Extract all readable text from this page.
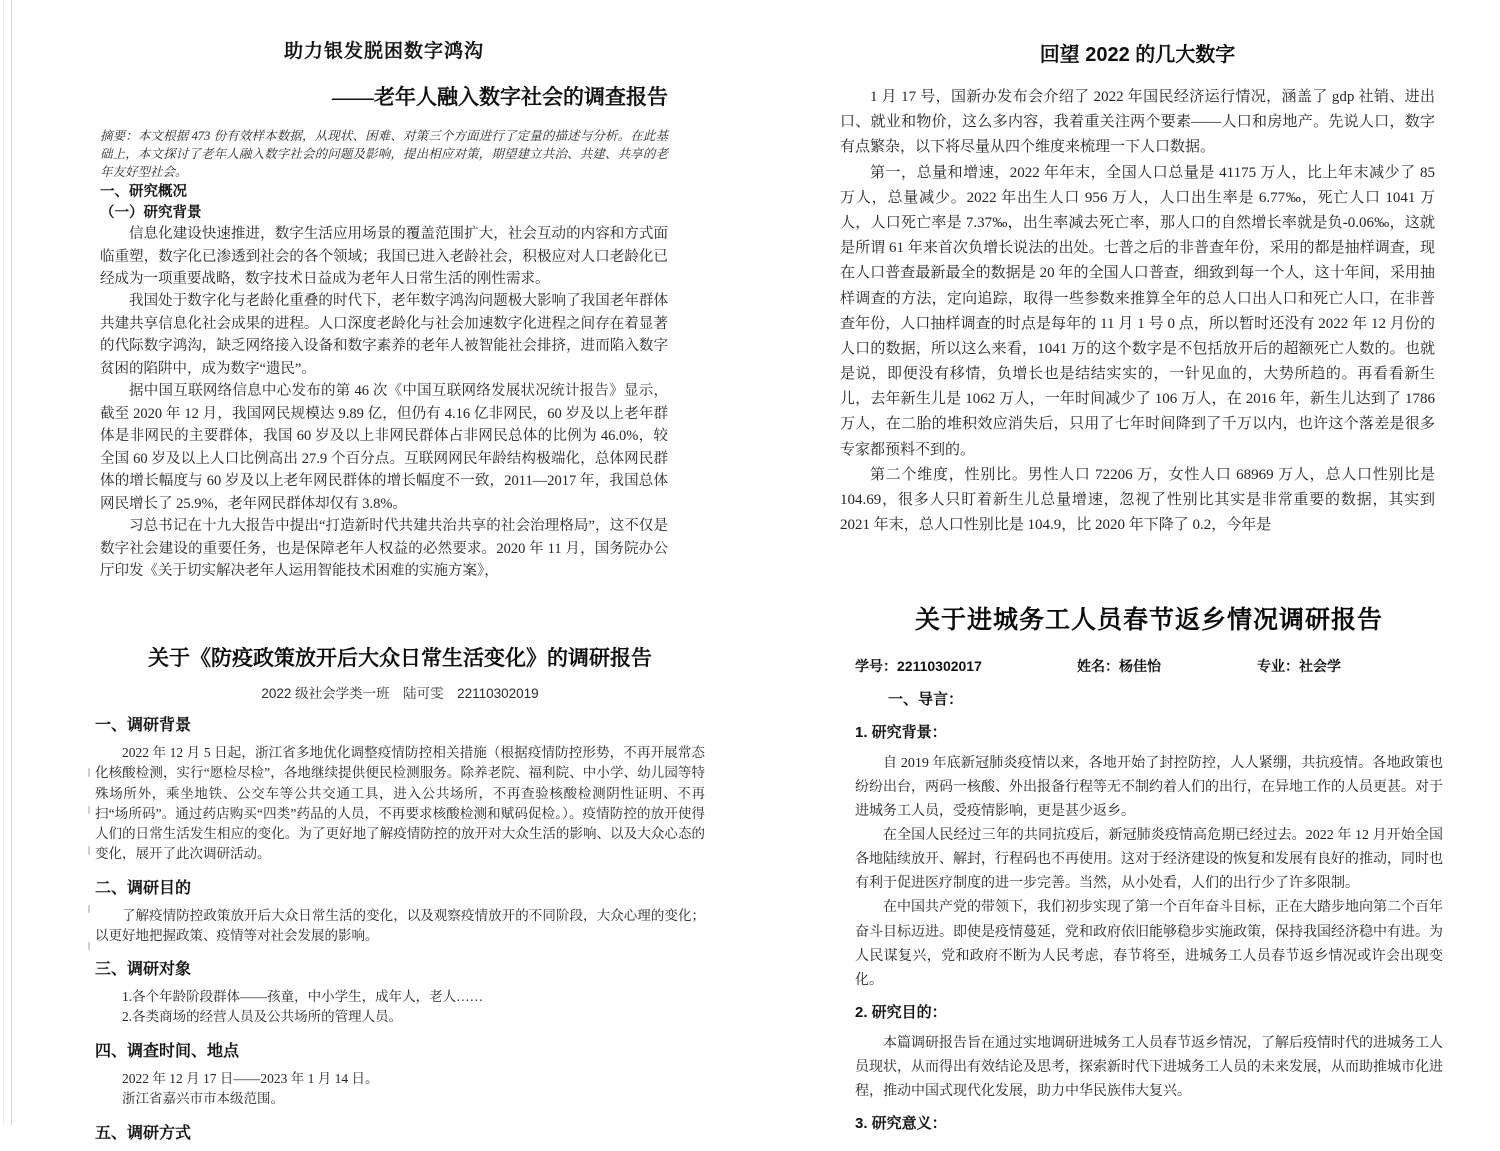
助力银发脱困数字鸿沟
——老年人融入数字社会的调查报告

摘要：本文根据 473 份有效样本数据，从现状、困难、对策三个方面进行了定量的描述与分析。在此基础上，本文探讨了老年人融入数字社会的问题及影响，提出相应对策，期望建立共治、共建、共享的老年友好型社会。

一、研究概况
（一）研究背景

信息化建设快速推进，数字生活应用场景的覆盖范围扩大，社会互动的内容和方式面临重塑，数字化已渗透到社会的各个领域；我国已进入老龄社会，积极应对人口老龄化已经成为一项重要战略，数字技术日益成为老年人日常生活的刚性需求。

我国处于数字化与老龄化重叠的时代下，老年数字鸿沟问题极大影响了我国老年群体共建共享信息化社会成果的进程。人口深度老龄化与社会加速数字化进程之间存在着显著的代际数字鸿沟，缺乏网络接入设备和数字素养的老年人被智能社会排挤，进而陷入数字贫困的陷阱中，成为数字“遗民”。

据中国互联网络信息中心发布的第 46 次《中国互联网络发展状况统计报告》显示，截至 2020 年 12 月，我国网民规模达 9.89 亿，但仍有 4.16 亿非网民，60 岁及以上老年群体是非网民的主要群体，我国 60 岁及以上非网民群体占非网民总体的比例为 46.0%，较全国 60 岁及以上人口比例高出 27.9 个百分点。互联网网民年龄结构极端化，总体网民群体的增长幅度与 60 岁及以上老年网民群体的增长幅度不一致，2011—2017 年，我国总体网民增长了 25.9%，老年网民群体却仅有 3.8%。

习总书记在十九大报告中提出“打造新时代共建共治共享的社会治理格局”，这不仅是数字社会建设的重要任务，也是保障老年人权益的必然要求。2020 年 11 月，国务院办公厅印发《关于切实解决老年人运用智能技术困难的实施方案》，

回望 2022 的几大数字

1 月 17 号，国新办发布会介绍了 2022 年国民经济运行情况，涵盖了 gdp 社销、进出口、就业和物价，这么多内容，我着重关注两个要素——人口和房地产。先说人口，数字有点繁杂，以下将尽量从四个维度来梳理一下人口数据。

第一，总量和增速，2022 年年末，全国人口总量是 41175 万人，比上年末减少了 85 万人，总量减少。2022 年出生人口 956 万人，人口出生率是 6.77‰，死亡人口 1041 万人，人口死亡率是 7.37‰，出生率减去死亡率，那人口的自然增长率就是负-0.06‰，这就是所谓 61 年来首次负增长说法的出处。七普之后的非普查年份，采用的都是抽样调查，现在人口普查最新最全的数据是 20 年的全国人口普查，细致到每一个人，这十年间，采用抽样调查的方法，定向追踪，取得一些参数来推算全年的总人口出人口和死亡人口，在非普查年份，人口抽样调查的时点是每年的 11 月 1 号 0 点，所以暂时还没有 2022 年 12 月份的人口的数据，所以这么来看，1041 万的这个数字是不包括放开后的超额死亡人数的。也就是说，即便没有移情，负增长也是结结实实的，一针见血的，大势所趋的。再看看新生儿，去年新生儿是 1062 万人，一年时间减少了 106 万人，在 2016 年，新生儿达到了 1786 万人，在二胎的堆积效应消失后，只用了七年时间降到了千万以内，也许这个落差是很多专家都预料不到的。

第二个维度，性别比。男性人口 72206 万，女性人口 68969 万人，总人口性别比是 104.69，很多人只盯着新生儿总量增速，忽视了性别比其实是非常重要的数据，其实到 2021 年末，总人口性别比是 104.9，比 2020 年下降了 0.2，今年是

关于《防疫政策放开后大众日常生活变化》的调研报告
2022 级社会学类一班　陆可雯　22110302019
一、调研背景

2022 年 12 月 5 日起，浙江省多地优化调整疫情防控相关措施（根据疫情防控形势，不再开展常态化核酸检测，实行“愿检尽检”，各地继续提供便民检测服务。除养老院、福利院、中小学、幼儿园等特殊场所外，乘坐地铁、公交车等公共交通工具，进入公共场所，不再查验核酸检测阴性证明、不再扫“场所码”。通过药店购买“四类”药品的人员，不再要求核酸检测和赋码促检。）。疫情防控的放开使得人们的日常生活发生相应的变化。为了更好地了解疫情防控的放开对大众生活的影响、以及大众心态的变化，展开了此次调研活动。

二、调研目的

了解疫情防控政策放开后大众日常生活的变化，以及观察疫情放开的不同阶段，大众心理的变化；以更好地把握政策、疫情等对社会发展的影响。

三、调研对象
1.各个年龄阶段群体——孩童，中小学生，成年人，老人……
2.各类商场的经营人员及公共场所的管理人员。
四、调查时间、地点
2022 年 12 月 17 日——2023 年 1 月 14 日。
浙江省嘉兴市市本级范围。
五、调研方式
关于进城务工人员春节返乡情况调研报告
学号：22110302017	姓名：杨佳怡	专业：社会学
一、导言：
1. 研究背景：

自 2019 年底新冠肺炎疫情以来，各地开始了封控防控，人人紧绷，共抗疫情。各地政策也纷纷出台，两码一核酸、外出报备行程等无不制约着人们的出行，在异地工作的人员更甚。对于进城务工人员，受疫情影响，更是甚少返乡。

在全国人民经过三年的共同抗疫后，新冠肺炎疫情高危期已经过去。2022 年 12 月开始全国各地陆续放开、解封，行程码也不再使用。这对于经济建设的恢复和发展有良好的推动，同时也有利于促进医疗制度的进一步完善。当然，从小处看，人们的出行少了许多限制。

在中国共产党的带领下，我们初步实现了第一个百年奋斗目标，正在大踏步地向第二个百年奋斗目标迈进。即使是疫情蔓延，党和政府依旧能够稳步实施政策，保持我国经济稳中有进。为人民谋复兴，党和政府不断为人民考虑，春节将至，进城务工人员春节返乡情况或许会出现变化。

2. 研究目的：

本篇调研报告旨在通过实地调研进城务工人员春节返乡情况，了解后疫情时代的进城务工人员现状，从而得出有效结论及思考，探索新时代下进城务工人员的未来发展，从而助推城市化进程，推动中国式现代化发展，助力中华民族伟大复兴。

3. 研究意义：
